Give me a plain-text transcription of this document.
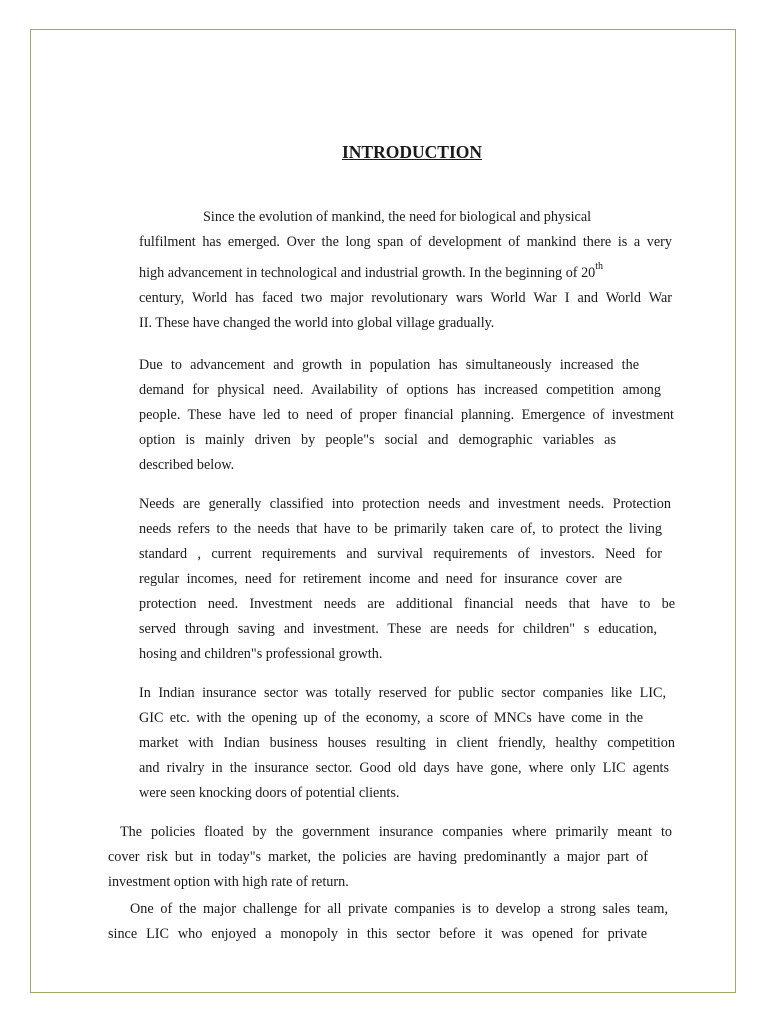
INTRODUCTION
Since the evolution of mankind, the need for biological and physical
fulfilment has emerged. Over the long span of development of mankind there is a very
high advancement in technological and industrial growth. In the beginning of 20th
century, World has faced two major revolutionary wars World War I and World War
II. These have changed the world into global village gradually.
Due to advancement and growth in population has simultaneously increased the
demand for physical need. Availability of options has increased competition among
people. These have led to need of proper financial planning. Emergence of investment
option is mainly driven by people"s social and demographic variables as
described below.
Needs are generally classified into protection needs and investment needs. Protection
needs refers to the needs that have to be primarily taken care of, to protect the living
standard , current requirements and survival requirements of investors. Need for
regular incomes, need for retirement income and need for insurance cover are
protection need. Investment needs are additional financial needs that have to be
served through saving and investment. These are needs for children" s education,
hosing and children"s professional growth.
In Indian insurance sector was totally reserved for public sector companies like LIC,
GIC etc. with the opening up of the economy, a score of MNCs have come in the
market with Indian business houses resulting in client friendly, healthy competition
and rivalry in the insurance sector. Good old days have gone, where only LIC agents
were seen knocking doors of potential clients.
The policies floated by the government insurance companies where primarily meant to
cover risk but in today"s market, the policies are having predominantly a major part of
investment option with high rate of return.
One of the major challenge for all private companies is to develop a strong sales team,
since LIC who enjoyed a monopoly in this sector before it was opened for private
